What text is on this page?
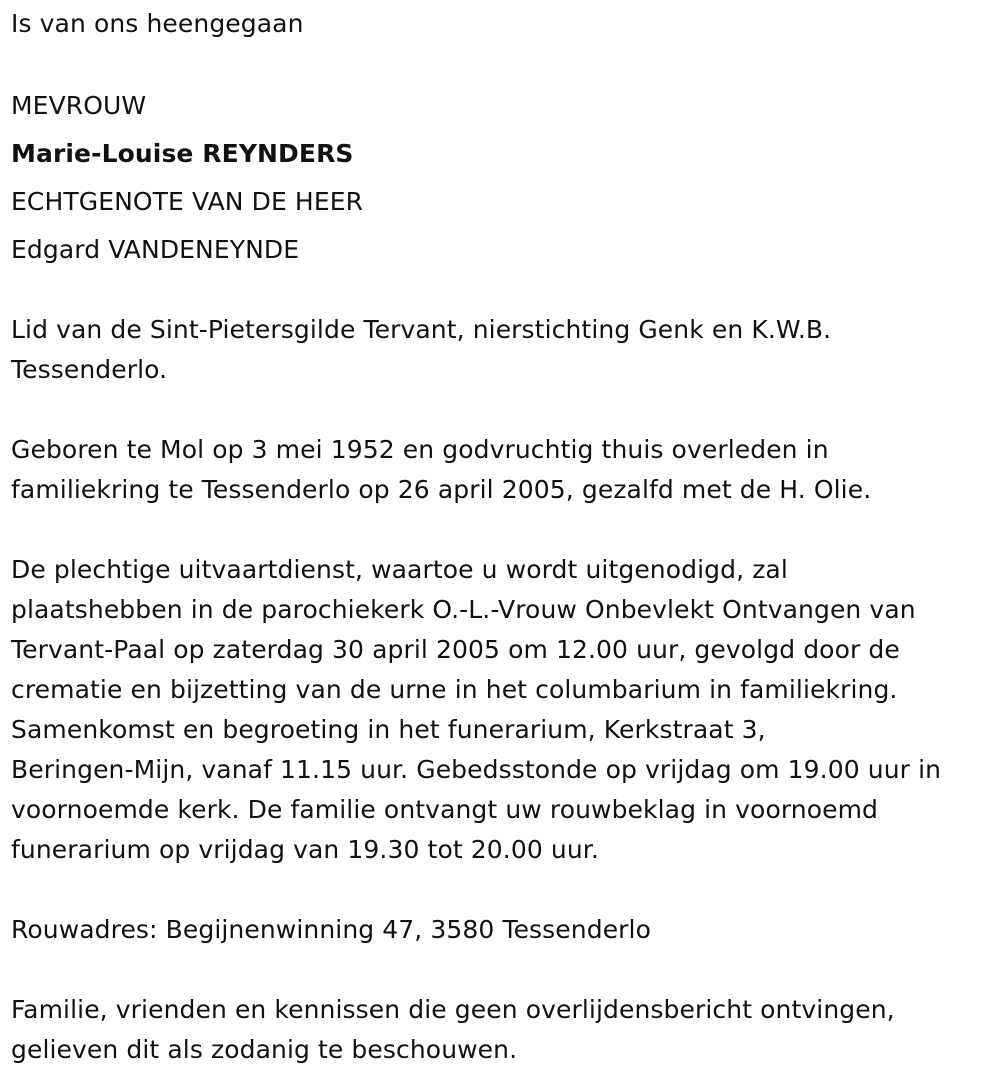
Is van ons heengegaan
MEVROUW
Marie-Louise REYNDERS
ECHTGENOTE VAN DE HEER
Edgard VANDENEYNDE
Lid van de Sint-Pietersgilde Tervant, nierstichting Genk en K.W.B.
Tessenderlo.
Geboren te Mol op 3 mei 1952 en godvruchtig thuis overleden in
familiekring te Tessenderlo op 26 april 2005, gezalfd met de H. Olie.
De plechtige uitvaartdienst, waartoe u wordt uitgenodigd, zal
plaatshebben in de parochiekerk O.-L.-Vrouw Onbevlekt Ontvangen van
Tervant-Paal op zaterdag 30 april 2005 om 12.00 uur, gevolgd door de
crematie en bijzetting van de urne in het columbarium in familiekring.
Samenkomst en begroeting in het funerarium, Kerkstraat 3,
Beringen-Mijn, vanaf 11.15 uur. Gebedsstonde op vrijdag om 19.00 uur in
voornoemde kerk. De familie ontvangt uw rouwbeklag in voornoemd
funerarium op vrijdag van 19.30 tot 20.00 uur.
Rouwadres: Begijnenwinning 47, 3580 Tessenderlo
Familie, vrienden en kennissen die geen overlijdensbericht ontvingen,
gelieven dit als zodanig te beschouwen.
